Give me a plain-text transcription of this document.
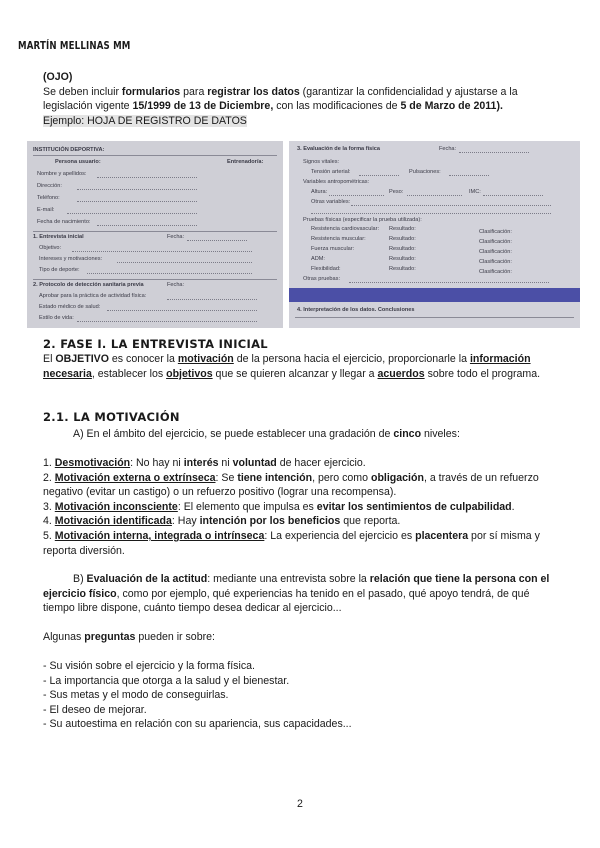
MARTÍN MELLINAS MM
(OJO)
Se deben incluir formularios para registrar los datos (garantizar la confidencialidad y ajustarse a la legislación vigente 15/1999 de 13 de Diciembre, con las modificaciones de 5 de Marzo de 2011).
Ejemplo: HOJA DE REGISTRO DE DATOS
INSTITUCIÓN DEPORTIVA:
Persona usuario:	Entrenador/a:
Nombre y apellidos:
Dirección:
Teléfono:
E-mail:
Fecha de nacimiento:
1. Entrevista inicial	Fecha:
Objetivo:
Intereses y motivaciones:
Tipo de deporte:
2. Protocolo de detección sanitaria previa	Fecha:
Aprobar para la práctica de actividad física:
Estado médico de salud:
Estilo de vida:
3. Evaluación de la forma física	Fecha:
Signos vitales:
Tensión arterial:	Pulsaciones:
Variables antropométricas:
Altura:	Peso:	IMC:
Otras variables:
Pruebas físicas (especificar la prueba utilizada):
Resistencia cardiovascular: Resultado:	Clasificación:
Resistencia muscular:	Resultado:	Clasificación:
Fuerza muscular:	Resultado:	Clasificación:
ADM:	Resultado:	Clasificación:
Flexibilidad:	Resultado:	Clasificación:
Otras pruebas:
4. Interpretación de los datos. Conclusiones
2. FASE I. LA ENTREVISTA INICIAL
El OBJETIVO es conocer la motivación de la persona hacia el ejercicio, proporcionarle la información necesaria, establecer los objetivos que se quieren alcanzar y llegar a acuerdos sobre todo el programa.
2.1. LA MOTIVACIÓN
A) En el ámbito del ejercicio, se puede establecer una gradación de cinco niveles:
1. Desmotivación: No hay ni interés ni voluntad de hacer ejercicio.
2. Motivación externa o extrínseca: Se tiene intención, pero como obligación, a través de un refuerzo negativo (evitar un castigo) o un refuerzo positivo (lograr una recompensa).
3. Motivación inconsciente: El elemento que impulsa es evitar los sentimientos de culpabilidad.
4. Motivación identificada: Hay intención por los beneficios que reporta.
5. Motivación interna, integrada o intrínseca: La experiencia del ejercicio es placentera por sí misma y reporta diversión.
B) Evaluación de la actitud: mediante una entrevista sobre la relación que tiene la persona con el ejercicio físico, como por ejemplo, qué experiencias ha tenido en el pasado, qué apoyo tendrá, de qué tiempo libre dispone, cuánto tiempo desea dedicar al ejercicio...
Algunas preguntas pueden ir sobre:
- Su visión sobre el ejercicio y la forma física.
- La importancia que otorga a la salud y el bienestar.
- Sus metas y el modo de conseguirlas.
- El deseo de mejorar.
- Su autoestima en relación con su apariencia, sus capacidades...
2
